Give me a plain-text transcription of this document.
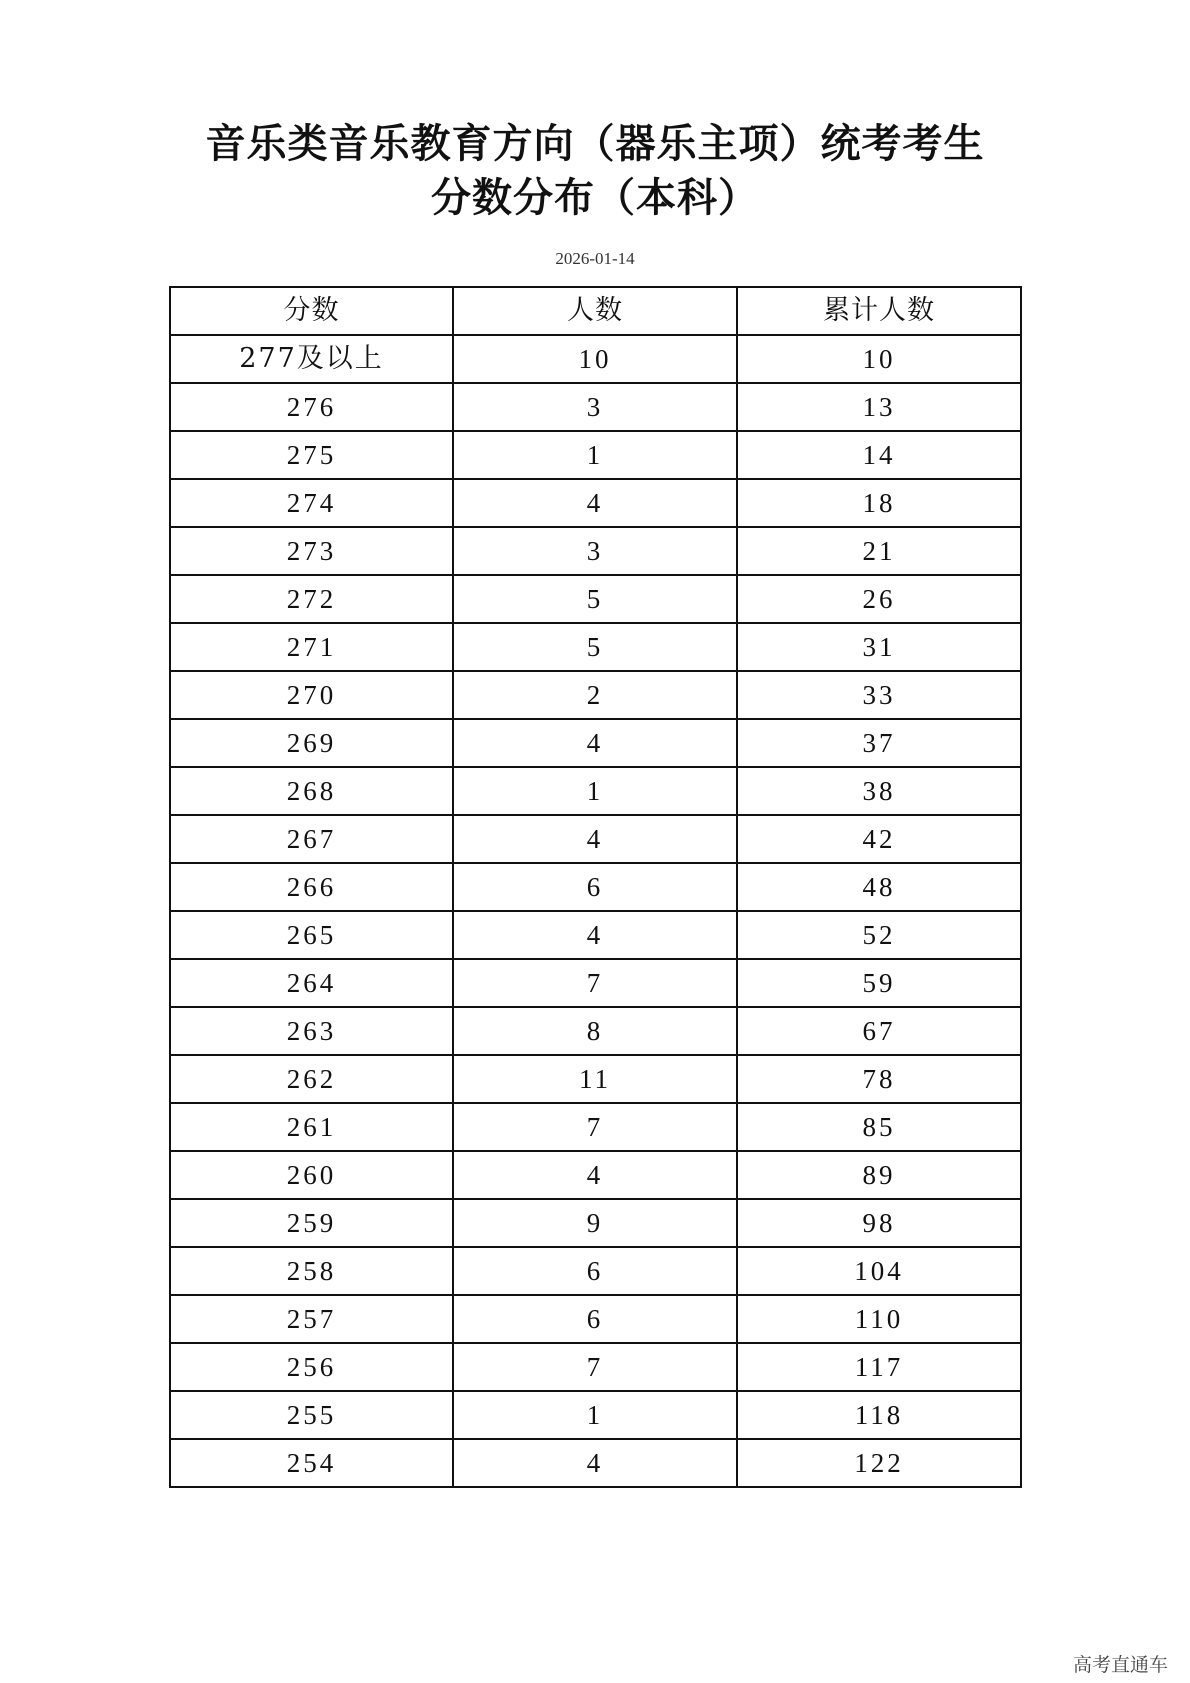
音乐类音乐教育方向（器乐主项）统考考生
分数分布（本科）
2026-01-14
分数	人数	累计人数
277及以上	10	10
276	3	13
275	1	14
274	4	18
273	3	21
272	5	26
271	5	31
270	2	33
269	4	37
268	1	38
267	4	42
266	6	48
265	4	52
264	7	59
263	8	67
262	11	78
261	7	85
260	4	89
259	9	98
258	6	104
257	6	110
256	7	117
255	1	118
254	4	122
高考直通车
